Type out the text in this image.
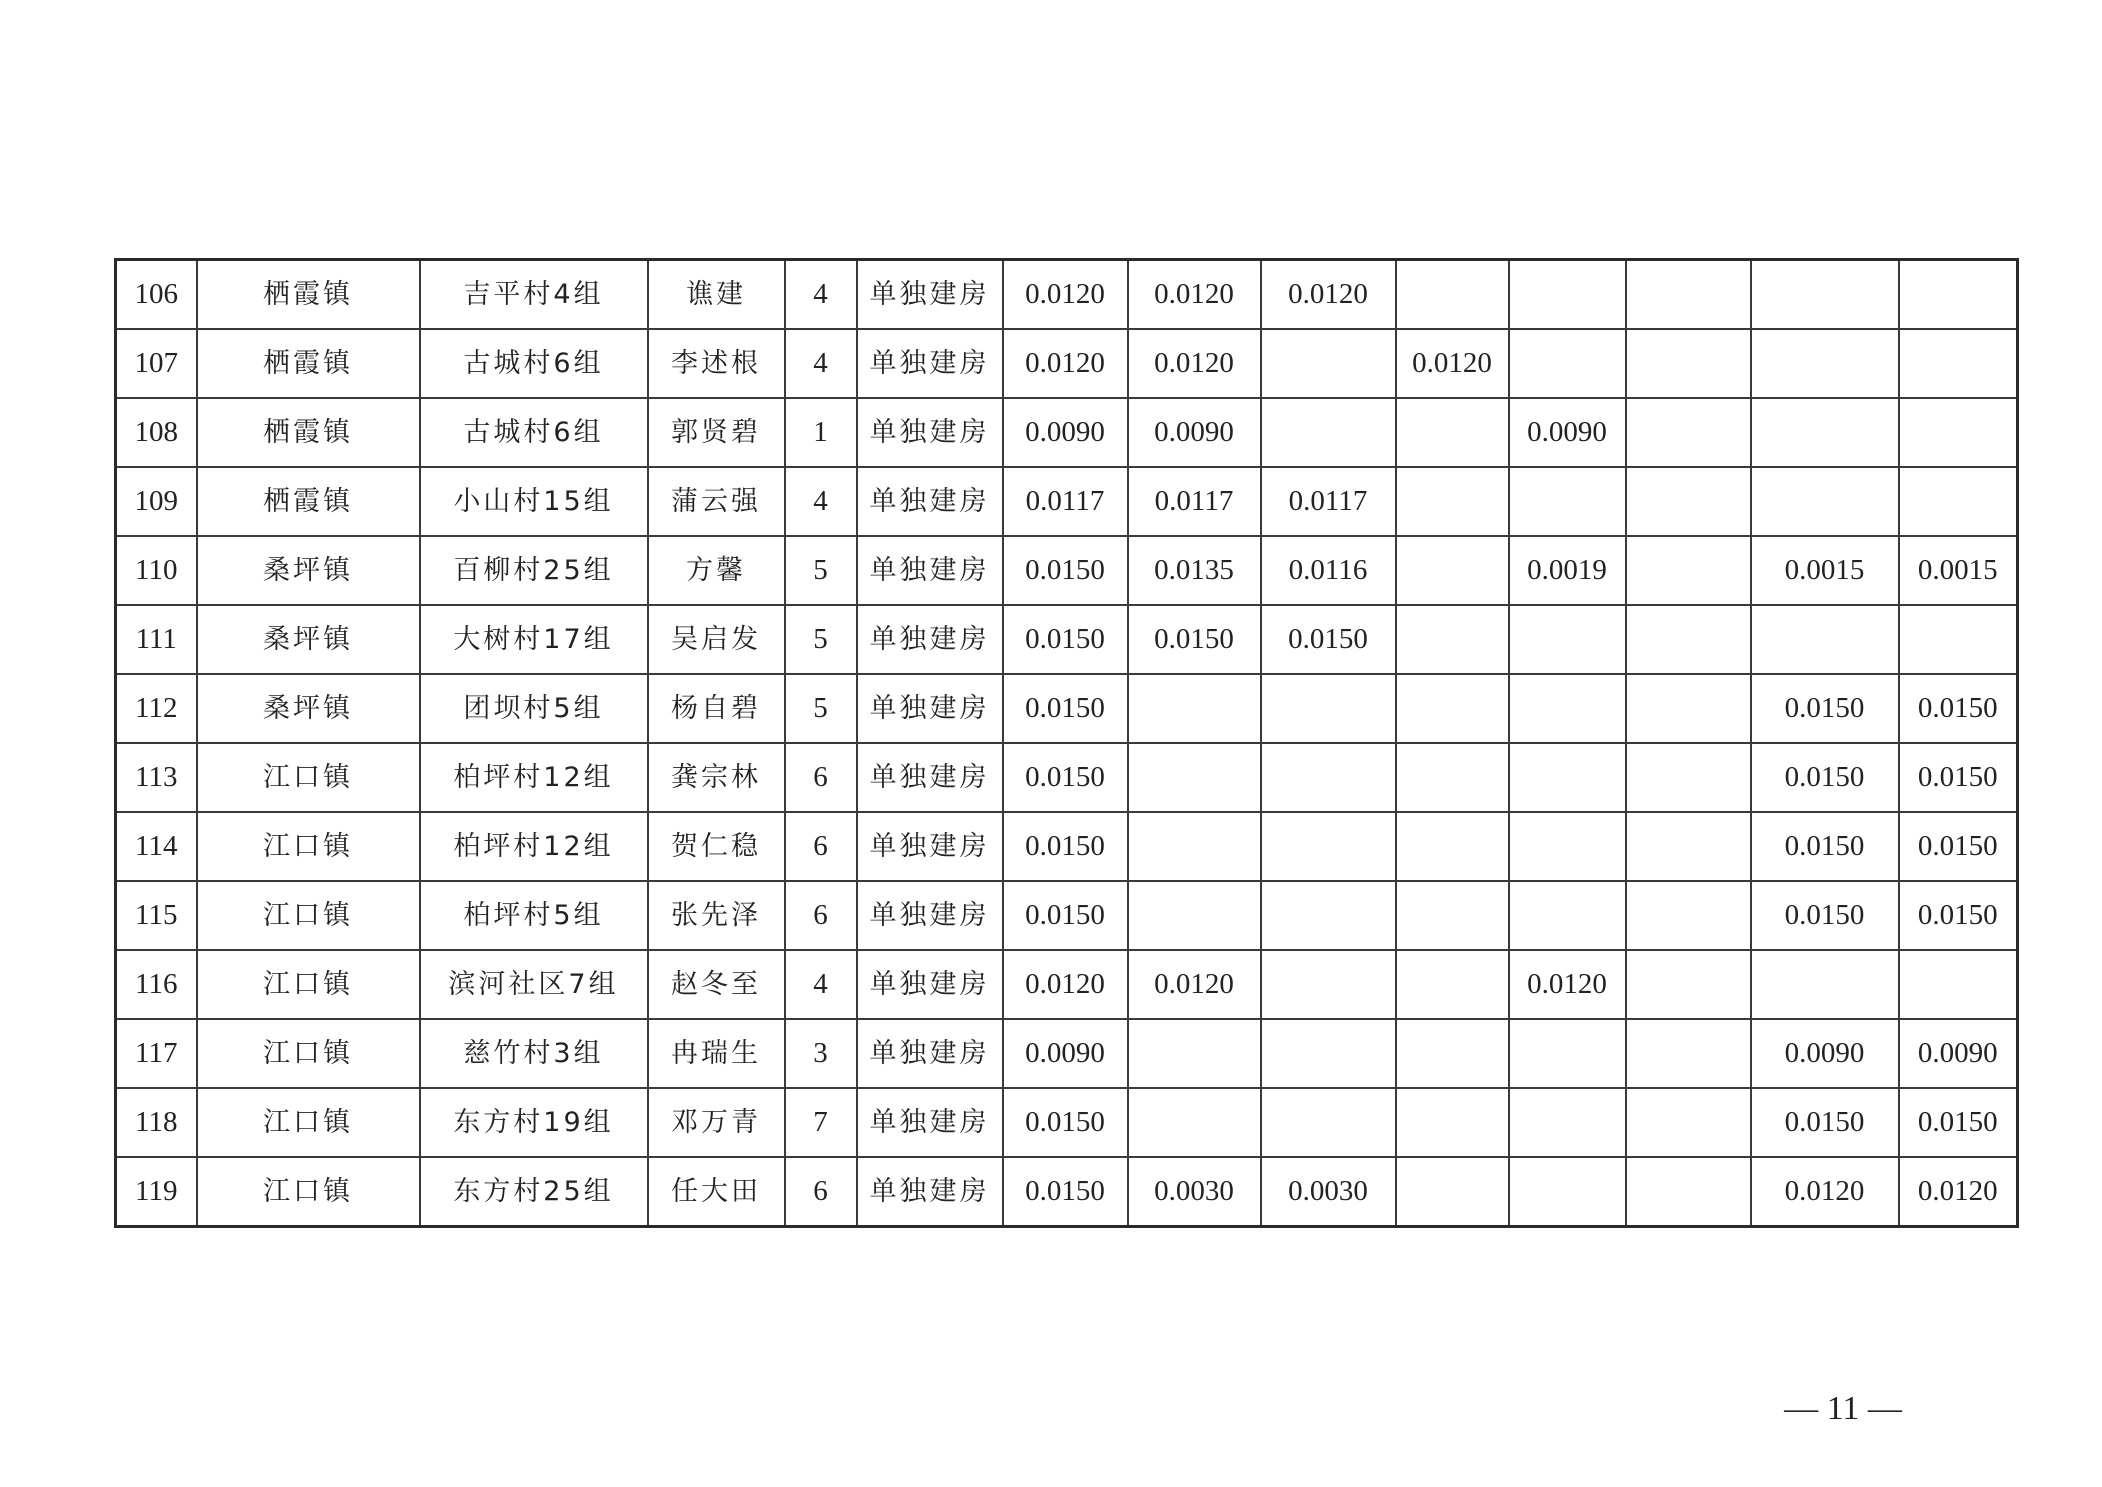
106	栖霞镇	吉平村4组	谯建	4	单独建房	0.0120	0.0120	0.0120					
107	栖霞镇	古城村6组	李述根	4	单独建房	0.0120	0.0120		0.0120				
108	栖霞镇	古城村6组	郭贤碧	1	单独建房	0.0090	0.0090			0.0090			
109	栖霞镇	小山村15组	蒲云强	4	单独建房	0.0117	0.0117	0.0117					
110	桑坪镇	百柳村25组	方馨	5	单独建房	0.0150	0.0135	0.0116		0.0019		0.0015	0.0015
111	桑坪镇	大树村17组	吴启发	5	单独建房	0.0150	0.0150	0.0150					
112	桑坪镇	团坝村5组	杨自碧	5	单独建房	0.0150						0.0150	0.0150
113	江口镇	柏坪村12组	龚宗林	6	单独建房	0.0150						0.0150	0.0150
114	江口镇	柏坪村12组	贺仁稳	6	单独建房	0.0150						0.0150	0.0150
115	江口镇	柏坪村5组	张先泽	6	单独建房	0.0150						0.0150	0.0150
116	江口镇	滨河社区7组	赵冬至	4	单独建房	0.0120	0.0120			0.0120			
117	江口镇	慈竹村3组	冉瑞生	3	单独建房	0.0090						0.0090	0.0090
118	江口镇	东方村19组	邓万青	7	单独建房	0.0150						0.0150	0.0150
119	江口镇	东方村25组	任大田	6	单独建房	0.0150	0.0030	0.0030				0.0120	0.0120
— 11 —
